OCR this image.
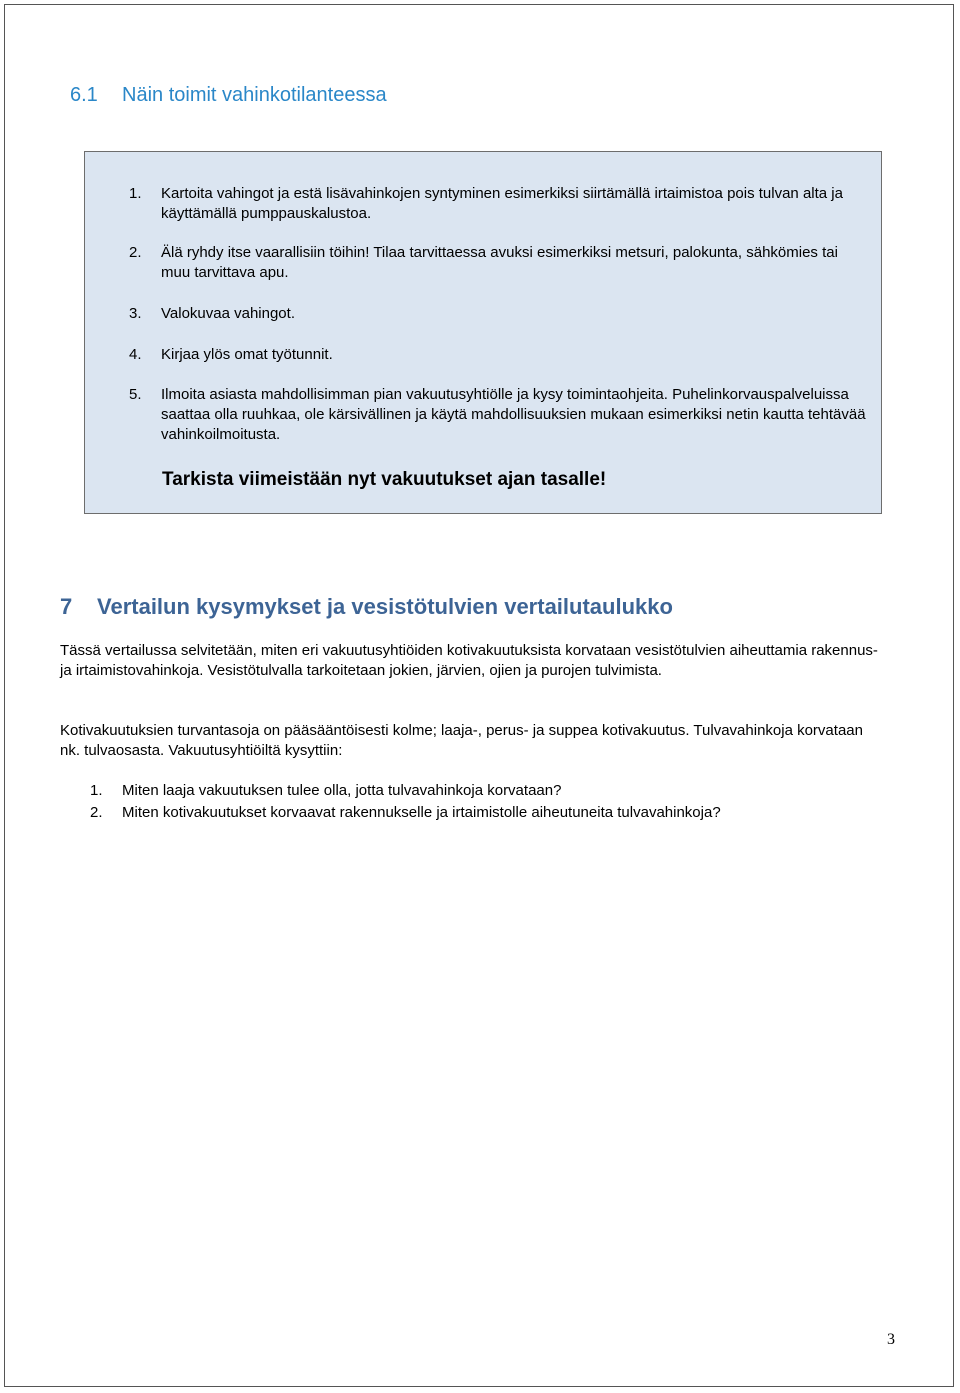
6.1 Näin toimit vahinkotilanteessa
1.	Kartoita vahingot ja estä lisävahinkojen syntyminen esimerkiksi siirtämällä irtaimistoa pois tulvan alta ja käyttämällä pumppauskalustoa.
2.	Älä ryhdy itse vaarallisiin töihin! Tilaa tarvittaessa avuksi esimerkiksi metsuri, palokunta, sähkömies tai muu tarvittava apu.
3.	Valokuvaa vahingot.
4.	Kirjaa ylös omat työtunnit.
5.	Ilmoita asiasta mahdollisimman pian vakuutusyhtiölle ja kysy toimintaohjeita. Puhelinkorvauspalveluissa saattaa olla ruuhkaa, ole kärsivällinen ja käytä mahdollisuuksien mukaan esimerkiksi netin kautta tehtävää vahinkoilmoitusta.
Tarkista viimeistään nyt vakuutukset ajan tasalle!
7 Vertailun kysymykset ja vesistötulvien vertailutaulukko

Tässä vertailussa selvitetään, miten eri vakuutusyhtiöiden kotivakuutuksista korvataan vesistötulvien aiheuttamia rakennus- ja irtaimistovahinkoja. Vesistötulvalla tarkoitetaan jokien, järvien, ojien ja purojen tulvimista.

Kotivakuutuksien turvantasoja on pääsääntöisesti kolme; laaja-, perus- ja suppea kotivakuutus. Tulvavahinkoja korvataan nk. tulvaosasta. Vakuutusyhtiöiltä kysyttiin:

1. Miten laaja vakuutuksen tulee olla, jotta tulvavahinkoja korvataan?
2. Miten kotivakuutukset korvaavat rakennukselle ja irtaimistolle aiheutuneita tulvavahinkoja?
3
